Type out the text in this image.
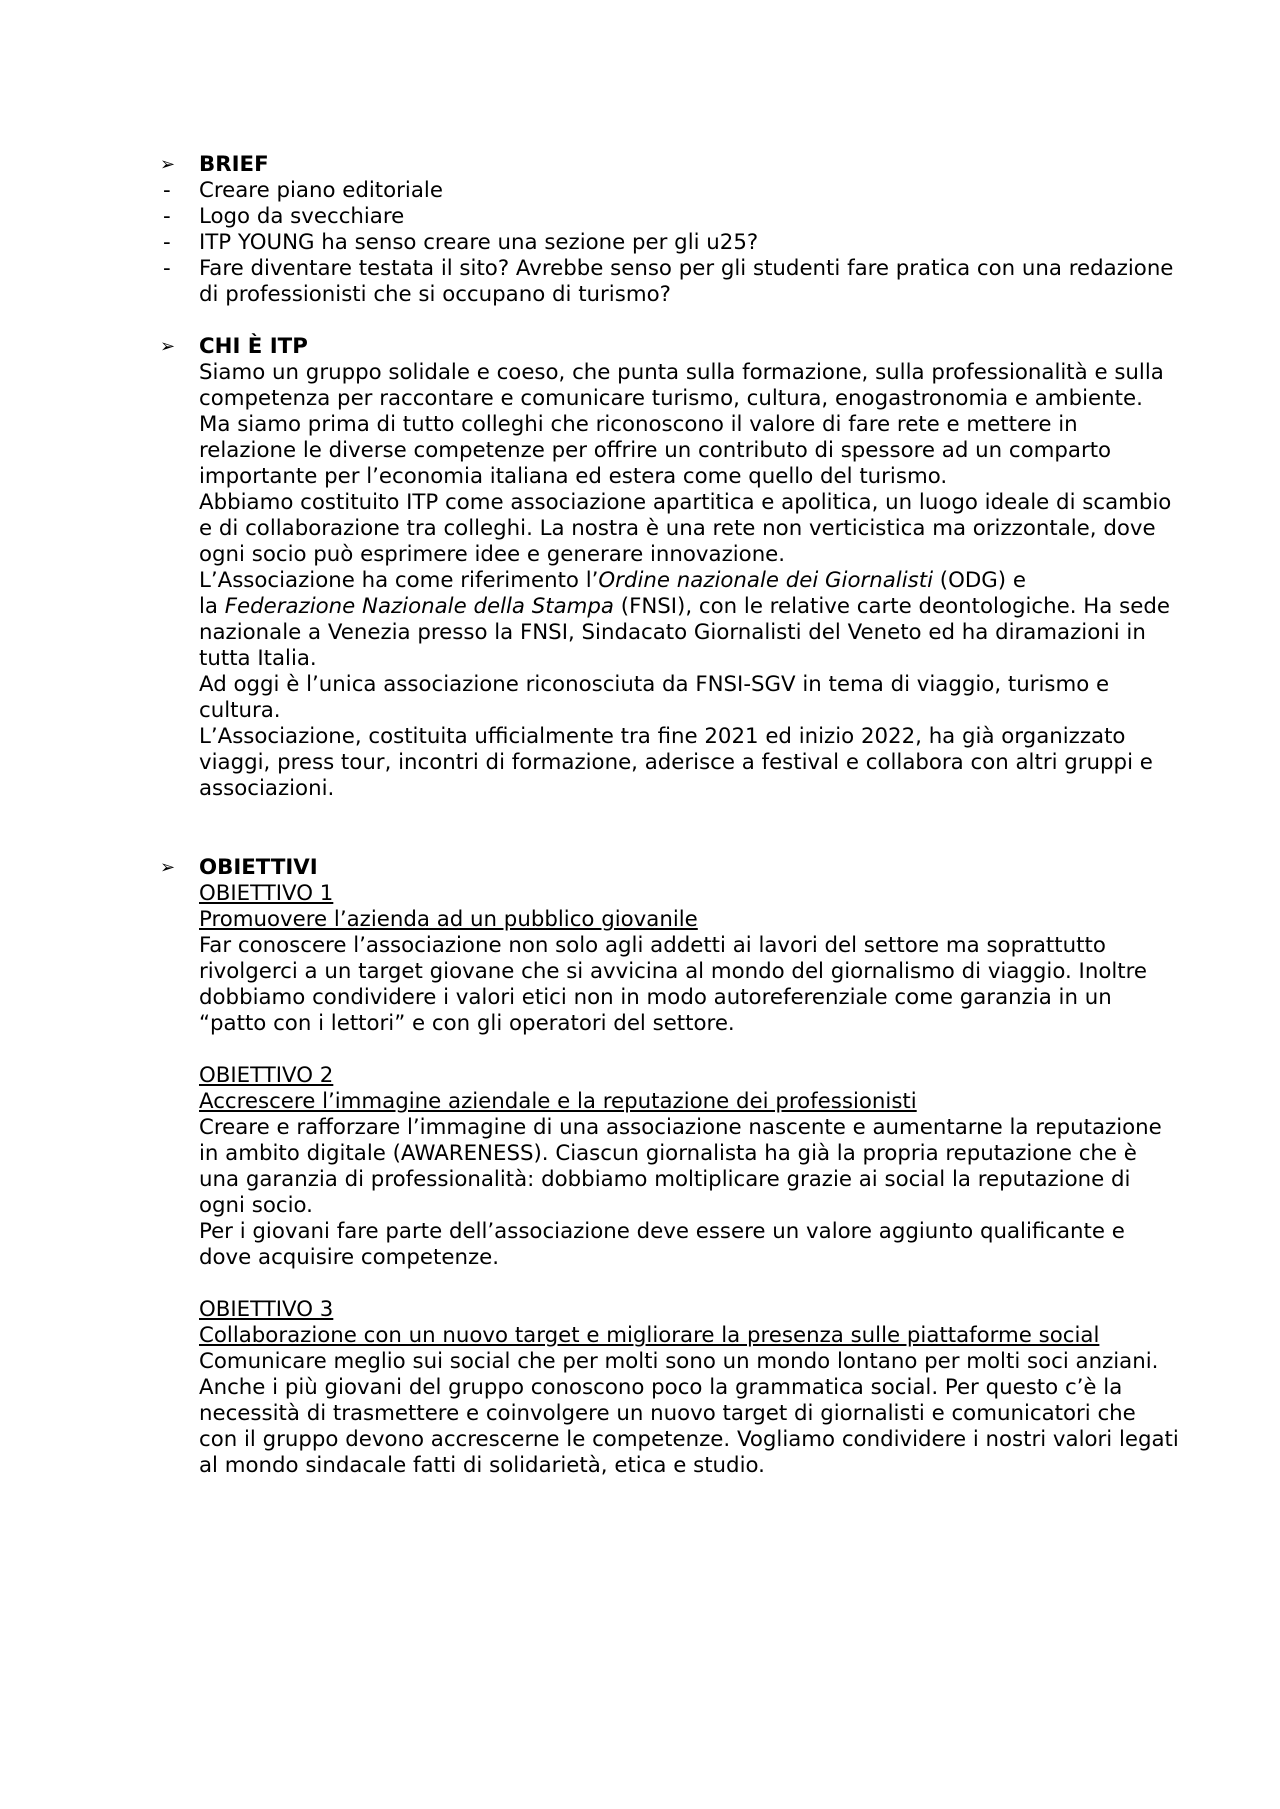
➢	BRIEF
- Creare piano editoriale
- Logo da svecchiare
- ITP YOUNG ha senso creare una sezione per gli u25?
- Fare diventare testata il sito? Avrebbe senso per gli studenti fare pratica con una redazione di professionisti che si occupano di turismo?
➢	CHI È ITP

Siamo un gruppo solidale e coeso, che punta sulla formazione, sulla professionalità e sulla competenza per raccontare e comunicare turismo, cultura, enogastronomia e ambiente.

Ma siamo prima di tutto colleghi che riconoscono il valore di fare rete e mettere in relazione le diverse competenze per offrire un contributo di spessore ad un comparto importante per l’economia italiana ed estera come quello del turismo.

Abbiamo costituito ITP come associazione apartitica e apolitica, un luogo ideale di scambio e di collaborazione tra colleghi. La nostra è una rete non verticistica ma orizzontale, dove ogni socio può esprimere idee e generare innovazione.

L’Associazione ha come riferimento l’Ordine nazionale dei Giornalisti (ODG) e
la Federazione Nazionale della Stampa (FNSI), con le relative carte deontologiche. Ha sede nazionale a Venezia presso la FNSI, Sindacato Giornalisti del Veneto ed ha diramazioni in tutta Italia.

Ad oggi è l’unica associazione riconosciuta da FNSI-SGV in tema di viaggio, turismo e cultura.

L’Associazione, costituita ufficialmente tra fine 2021 ed inizio 2022, ha già organizzato viaggi, press tour, incontri di formazione, aderisce a festival e collabora con altri gruppi e associazioni.

➢	OBIETTIVI

OBIETTIVO 1

Promuovere l’azienda ad un pubblico giovanile

Far conoscere l’associazione non solo agli addetti ai lavori del settore ma soprattutto rivolgerci a un target giovane che si avvicina al mondo del giornalismo di viaggio. Inoltre dobbiamo condividere i valori etici non in modo autoreferenziale come garanzia in un “patto con i lettori” e con gli operatori del settore.

OBIETTIVO 2

Accrescere l’immagine aziendale e la reputazione dei professionisti

Creare e rafforzare l’immagine di una associazione nascente e aumentarne la reputazione in ambito digitale (AWARENESS). Ciascun giornalista ha già la propria reputazione che è una garanzia di professionalità: dobbiamo moltiplicare grazie ai social la reputazione di ogni socio.

Per i giovani fare parte dell’associazione deve essere un valore aggiunto qualificante e dove acquisire competenze.

OBIETTIVO 3

Collaborazione con un nuovo target e migliorare la presenza sulle piattaforme social

Comunicare meglio sui social che per molti sono un mondo lontano per molti soci anziani. Anche i più giovani del gruppo conoscono poco la grammatica social. Per questo c’è la necessità di trasmettere e coinvolgere un nuovo target di giornalisti e comunicatori che con il gruppo devono accrescerne le competenze. Vogliamo condividere i nostri valori legati al mondo sindacale fatti di solidarietà, etica e studio.
